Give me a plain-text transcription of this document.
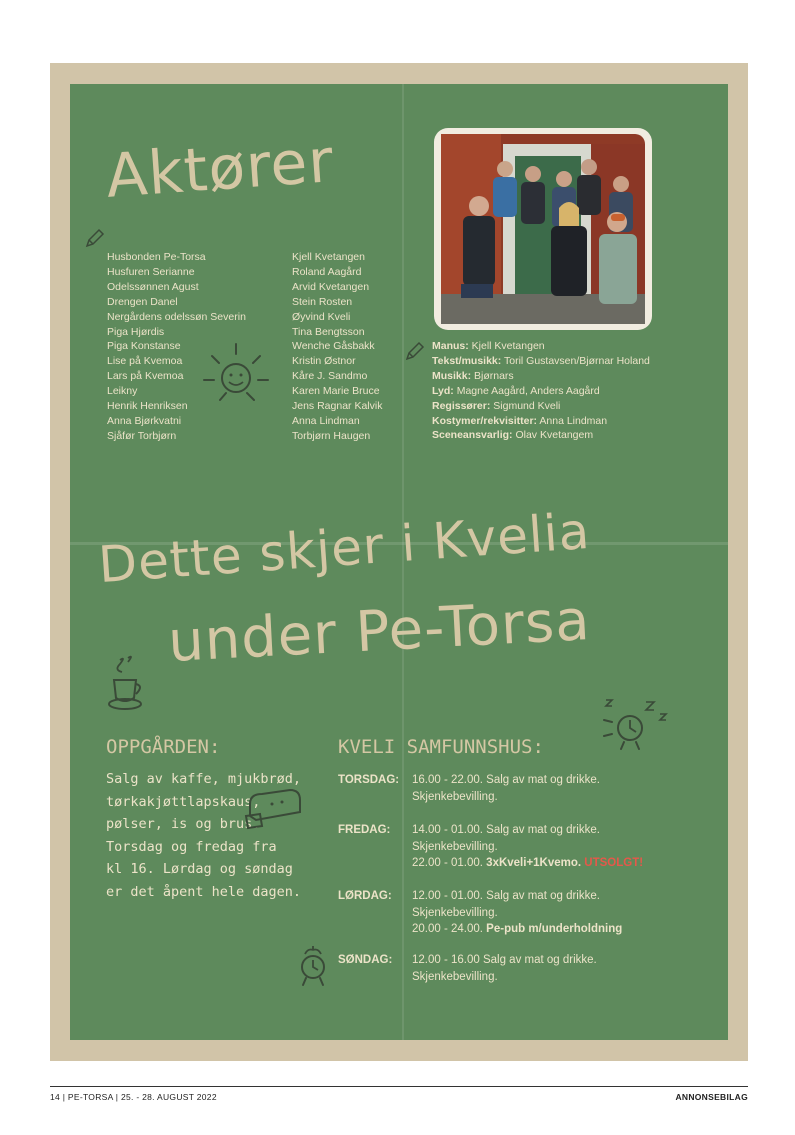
Aktører
Husbonden Pe-Torsa
Husfuren Serianne
Odelssønnen Agust
Drengen Danel
Nergårdens odelssøn Severin
Piga Hjørdis
Piga Konstanse
Lise på Kvemoa
Lars på Kvemoa
Leikny
Henrik Henriksen
Anna Bjørkvatni
Sjåfør Torbjørn
Kjell Kvetangen
Roland Aagård
Arvid Kvetangen
Stein Rosten
Øyvind Kveli
Tina Bengtsson
Wenche Gåsbakk
Kristin Østnor
Kåre J. Sandmo
Karen Marie Bruce
Jens Ragnar Kalvik
Anna Lindman
Torbjørn Haugen
Manus: Kjell Kvetangen
Tekst/musikk: Toril Gustavsen/Bjørnar Holand
Musikk: Bjørnars
Lyd: Magne Aagård, Anders Aagård
Regissører: Sigmund Kveli
Kostymer/rekvisitter: Anna Lindman
Sceneansvarlig: Olav Kvetangem
Dette skjer i Kvelia
under Pe-Torsa
OPPGÅRDEN:	KVELI SAMFUNNSHUS:
Salg av kaffe, mjukbrød,
tørkakjøttlapskaus,
pølser, is og brus.
Torsdag og fredag fra
kl 16. Lørdag og søndag
er det åpent hele dagen.
TORSDAG: 16.00 - 22.00. Salg av mat og drikke.
Skjenkebevilling.
FREDAG: 14.00 - 01.00. Salg av mat og drikke.
Skjenkebevilling.
22.00 - 01.00. 3xKveli+1Kvemo. UTSOLGT!
LØRDAG: 12.00 - 01.00. Salg av mat og drikke.
Skjenkebevilling.
20.00 - 24.00. Pe-pub m/underholdning
SØNDAG: 12.00 - 16.00 Salg av mat og drikke.
Skjenkebevilling.
14 | PE-TORSA | 25. - 28. AUGUST 2022	ANNONSEBILAG
